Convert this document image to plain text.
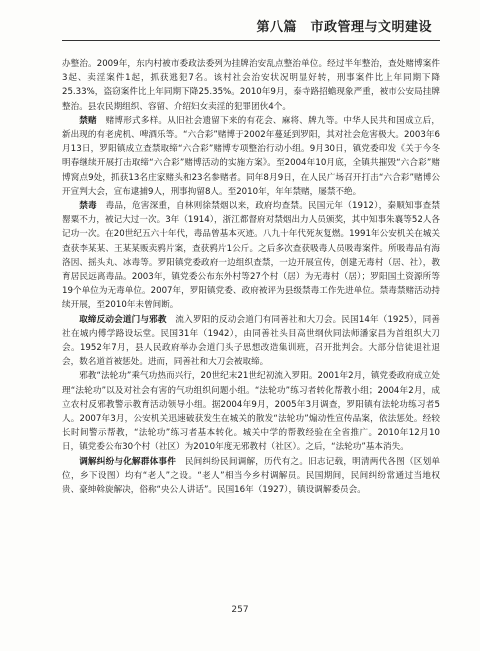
第八篇　市政管理与文明建设

办整治。2009年，东内村被市委政法委列为挂牌治安乱点整治单位。经过半年整治，查处赌博案件3起、卖淫案件1起，抓获逃犯7名。该村社会治安状况明显好转，刑事案件比上年同期下降25.33%，盗窃案件比上年同期下降25.35%。2010年9月，泰寺路招蟾现象严重，被市公安局挂牌整治。县农民期组织、容留、介绍妇女卖淫的犯罪团伙4个。

禁赌　 赌博形式多样。从旧社会遗留下来的有花会、麻将、牌九等。中华人民共和国成立后，新出现的有老虎机、啤酒乐等。“六合彩”赌博于2002年蔓延到罗阳，其对社会危害极大。2003年6月13日，罗阳镇成立查禁取缔“六合彩”赌博专项整治行动小组。9月30日，镇党委印发《关于今冬明春继续开展打击取缔“六合彩”赌博活动的实施方案》。至2004年10月底，全镇共摧毁“六合彩”赌博窝点9处，抓获13名庄家赌头和23名参赌者。同年8月9日，在人民广场召开打击“六合彩”赌博公开宣判大会，宣布逮捕9人，刑事拘留8人。至2010年，年年禁赌，屡禁不绝。

禁毒　 毒品，危害深重，自林则徐禁烟以来，政府均查禁。民国元年（1912），秦顺知事查禁罂粟不力，被记大过一次。3年（1914），浙江都督府对禁烟出力人员颁奖，其中知事朱襄等52人各记功一次。在20世纪五六十年代，毒品曾基本灭迹。八九十年代死灰复燃。1991年公安机关在城关查获李某某、王某某贩卖鸦片案，查获鸦片1公斤。之后多次查获吸毒人员吸毒案件。所吸毒品有海洛因、摇头丸、冰毒等。罗阳镇党委政府一边组织查禁，一边开展宣传，创建无毒村（居、社），教育居民远离毒品。2003年，镇党委公布东外村等27个村（居）为无毒村（居）；罗阳国土资源所等19个单位为无毒单位。2007年，罗阳镇党委、政府被评为县级禁毒工作先进单位。禁毒禁赌活动持续开展，至2010年未曾间断。

取缔反动会道门与邪教　 流入罗阳的反动会道门有同善社和大刀会。民国14年（1925），同善社在城内傅学路设坛堂。民国31年（1942），由同善社头目高世纲伙同法师潘家昌为首组织大刀会。1952年7月，县人民政府举办会道门头子思想改造集训班，召开批判会。大部分信徒退社退会，数名道首被惩处。进而，同善社和大刀会被取缔。

邪教“法轮功”乘气功热而兴行，20世纪末21世纪初流入罗阳。2001年2月，镇党委政府成立处理“法轮功”以及对社会有害的气功组织问题小组。“法轮功”练习者转化帮教小组；2004年2月，成立农村反邪教警示教育活动领导小组。据2004年9月，2005年3月调查，罗阳镇有法轮功练习者5人。2007年3月，公安机关迅速破获发生在城关的散发“法轮功”煽动性宣传品案，依法惩处。经较长时间警示帮教，“法轮功”练习者基本转化。城关中学的帮教经验在全省推广。2010年12月10日，镇党委公布30个村（社区）为2010年度无邪教村（社区）。之后，“法轮功”基本消失。

调解纠纷与化解群体事件　 民间纠纷民间调解，历代有之。旧志记载，明清两代各图（区划单位，乡下设图）均有“老人”之设。“老人”相当今乡村调解员。民国期间，民间纠纷常通过当地权贵、豪绅斡旋解决，俗称“央公人讲话”。民国16年（1927），镇设调解委员会。

257
